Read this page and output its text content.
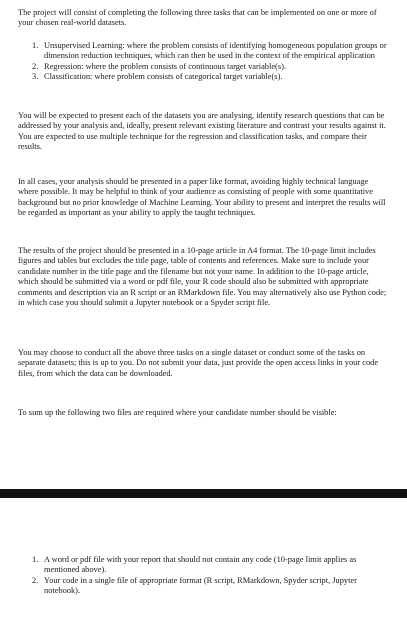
The project will consist of completing the following three tasks that can be implemented on one or more of your chosen real-world datasets.

1. Unsupervised Learning: where the problem consists of identifying homogeneous population groups or dimension reduction techniques, which can then be used in the context of the empirical application
2. Regression: where the problem consists of continuous target variable(s).
3. Classification: where problem consists of categorical target variable(s).

You will be expected to present each of the datasets you are analysing, identify research questions that can be addressed by your analysis and, ideally, present relevant existing literature and contrast your results against it. You are expected to use multiple technique for the regression and classification tasks, and compare their results.

In all cases, your analysis should be presented in a paper like format, avoiding highly technical language where possible. It may be helpful to think of your audience as consisting of people with some quantitative background but no prior knowledge of Machine Learning. Your ability to present and interpret the results will be regarded as important as your ability to apply the taught techniques.

The results of the project should be presented in a 10-page article in A4 format. The 10-page limit includes figures and tables but excludes the title page, table of contents and references. Make sure to include your candidate number in the title page and the filename but not your name. In addition to the 10-page article, which should be submitted via a word or pdf file, your R code should also be submitted with appropriate comments and description via an R script or an RMarkdown file. You may alternatively also use Python code; in which case you should submit a Jupyter notebook or a Spyder script file.

You may choose to conduct all the above three tasks on a single dataset or conduct some of the tasks on separate datasets; this is up to you. Do not submit your data, just provide the open access links in your code files, from which the data can be downloaded.

To sum up the following two files are required where your candidate number should be visible:

1. A word or pdf file with your report that should not contain any code (10-page limit applies as mentioned above).
2. Your code in a single file of appropriate format (R script, RMarkdown, Spyder script, Jupyter notebook).
